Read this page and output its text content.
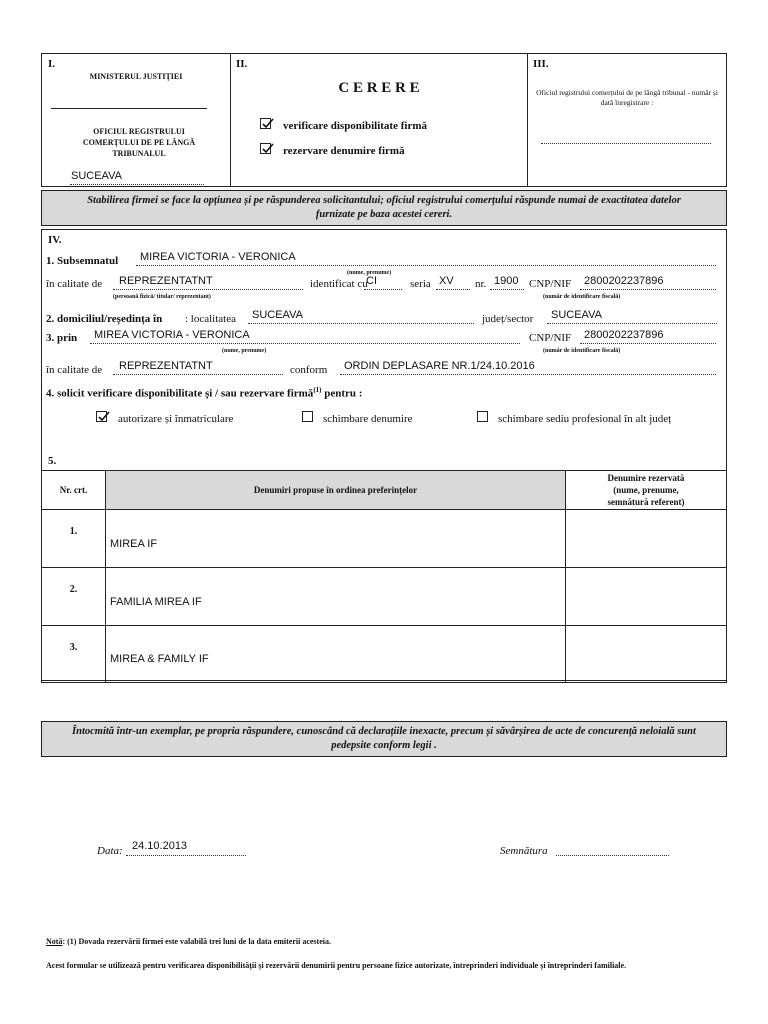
I.
MINISTERUL JUSTIȚIEI
OFICIUL REGISTRULUI COMERȚULUI DE PE LÂNGĂ TRIBUNALUL
SUCEAVA
II.
C E R E R E
verificare disponibilitate firmă
rezervare denumire firmă
III.
Oficiul registrului comerțului de pe lângă tribunal - număr și dată înregistrare :
Stabilirea firmei se face la opțiunea și pe răspunderea solicitantului; oficiul registrului comerțului răspunde numai de exactitatea datelor furnizate pe baza acestei cereri.
IV.
1. Subsemnatul MIREA VICTORIA - VERONICA
(nume, prenume)
în calitate de REPREZENTATNT
(persoană fizică/ titular/ reprezentant)
identificat cu
CI	seria XV nr. 1900 CNP/NIF 2800202237896
(număr de identificare fiscală)
2. domiciliul/reședința în : localitatea SUCEAVA	județ/sector SUCEAVA
3. prin MIREA VICTORIA - VERONICA
(nume, prenume)
CNP/NIF 2800202237896
(număr de identificare fiscală)
în calitate de REPREZENTATNT	conform ORDIN DEPLASARE NR.1/24.10.2016
4. solicit verificare disponibilitate și / sau rezervare firmă$^{(1)}$ pentru :
autorizare și înmatriculare	schimbare denumire	schimbare sediu profesional în alt județ
5.
Nr. crt.	Denumiri propuse în ordinea preferințelor	Denumire rezervată (nume, prenume, semnătură referent)
1.	MIREA IF	
2.	FAMILIA MIREA IF	
3.	MIREA & FAMILY IF	
Întocmită într-un exemplar, pe propria răspundere, cunoscând că declarațiile inexacte, precum și săvârșirea de acte de concurență neloială sunt pedepsite conform legii .
Data: 24.10.2013	Semnătura
Notă: (1) Dovada rezervării firmei este valabilă trei luni de la data emiterii acesteia.
Acest formular se utilizează pentru verificarea disponibilității și rezervării denumirii pentru persoane fizice autorizate, întreprinderi individuale și întreprinderi familiale.
